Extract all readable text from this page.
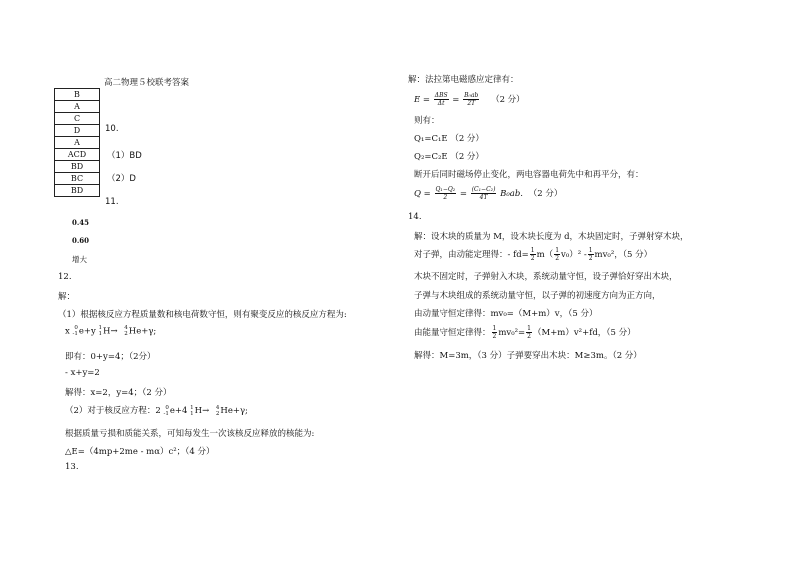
高二物理５校联考答案
B
A
C
D
A
ACD
BD
BC
BD
10.
（1）BD
（2）D
11.
0.45
0.60
增大
12.
解：
（1）根据核反应方程质量数和核电荷数守恒，则有聚变反应的核反应方程为:
x 0
-1 e+y 1
1 H→ 4
2 He+γ;
即有：0+y=4；（2分）
- x+y=2
解得：x=2，y=4；（2 分）
（2）对于核反应方程：2 0
-1 e+4 1
1 H→ 4
2 He+γ;
根据质量亏损和质能关系，可知每发生一次该核反应释放的核能为:
△E=（4mp+2me - mα）c²；（4 分）
13.
解：法拉第电磁感应定律有：
$E = \frac{\text{ΔBS}}{\Delta t} = \frac{\text{B₀ab}}{2T} (2$ 分）
则有：
Q₁=C₁E （2 分）
Q₂=C₂E （2 分）
断开后同时磁场停止变化，两电容器电荷先中和再平分，有：
$Q = \frac{\text{Q₁−Q₂}}{2} = \frac{\text{(C₁−C₂)}}{4T} B_0ab$. （2 分）
14.
解：设木块的质量为 M，设木块长度为 d，木块固定时，子弹射穿木块，
对子弹，由动能定理得：- $fd= \frac{1}{2} m( \frac{1}{2} v_0)^2 - \frac{1}{2} mv_0^2$，（5 分）
木块不固定时，子弹射入木块，系统动量守恒，设子弹恰好穿出木块，
子弹与木块组成的系统动量守恒，以子弹的初速度方向为正方向，
由动量守恒定律得：mv₀=（M+m）v，（5 分）
由能量守恒定律得： $\frac{1}{2} mv_0^2= \frac{1}{2} (M+m)v^2+fd$，（5 分）
解得：M=3m，（3 分）子弹要穿出木块：M≥3m。（2 分）
